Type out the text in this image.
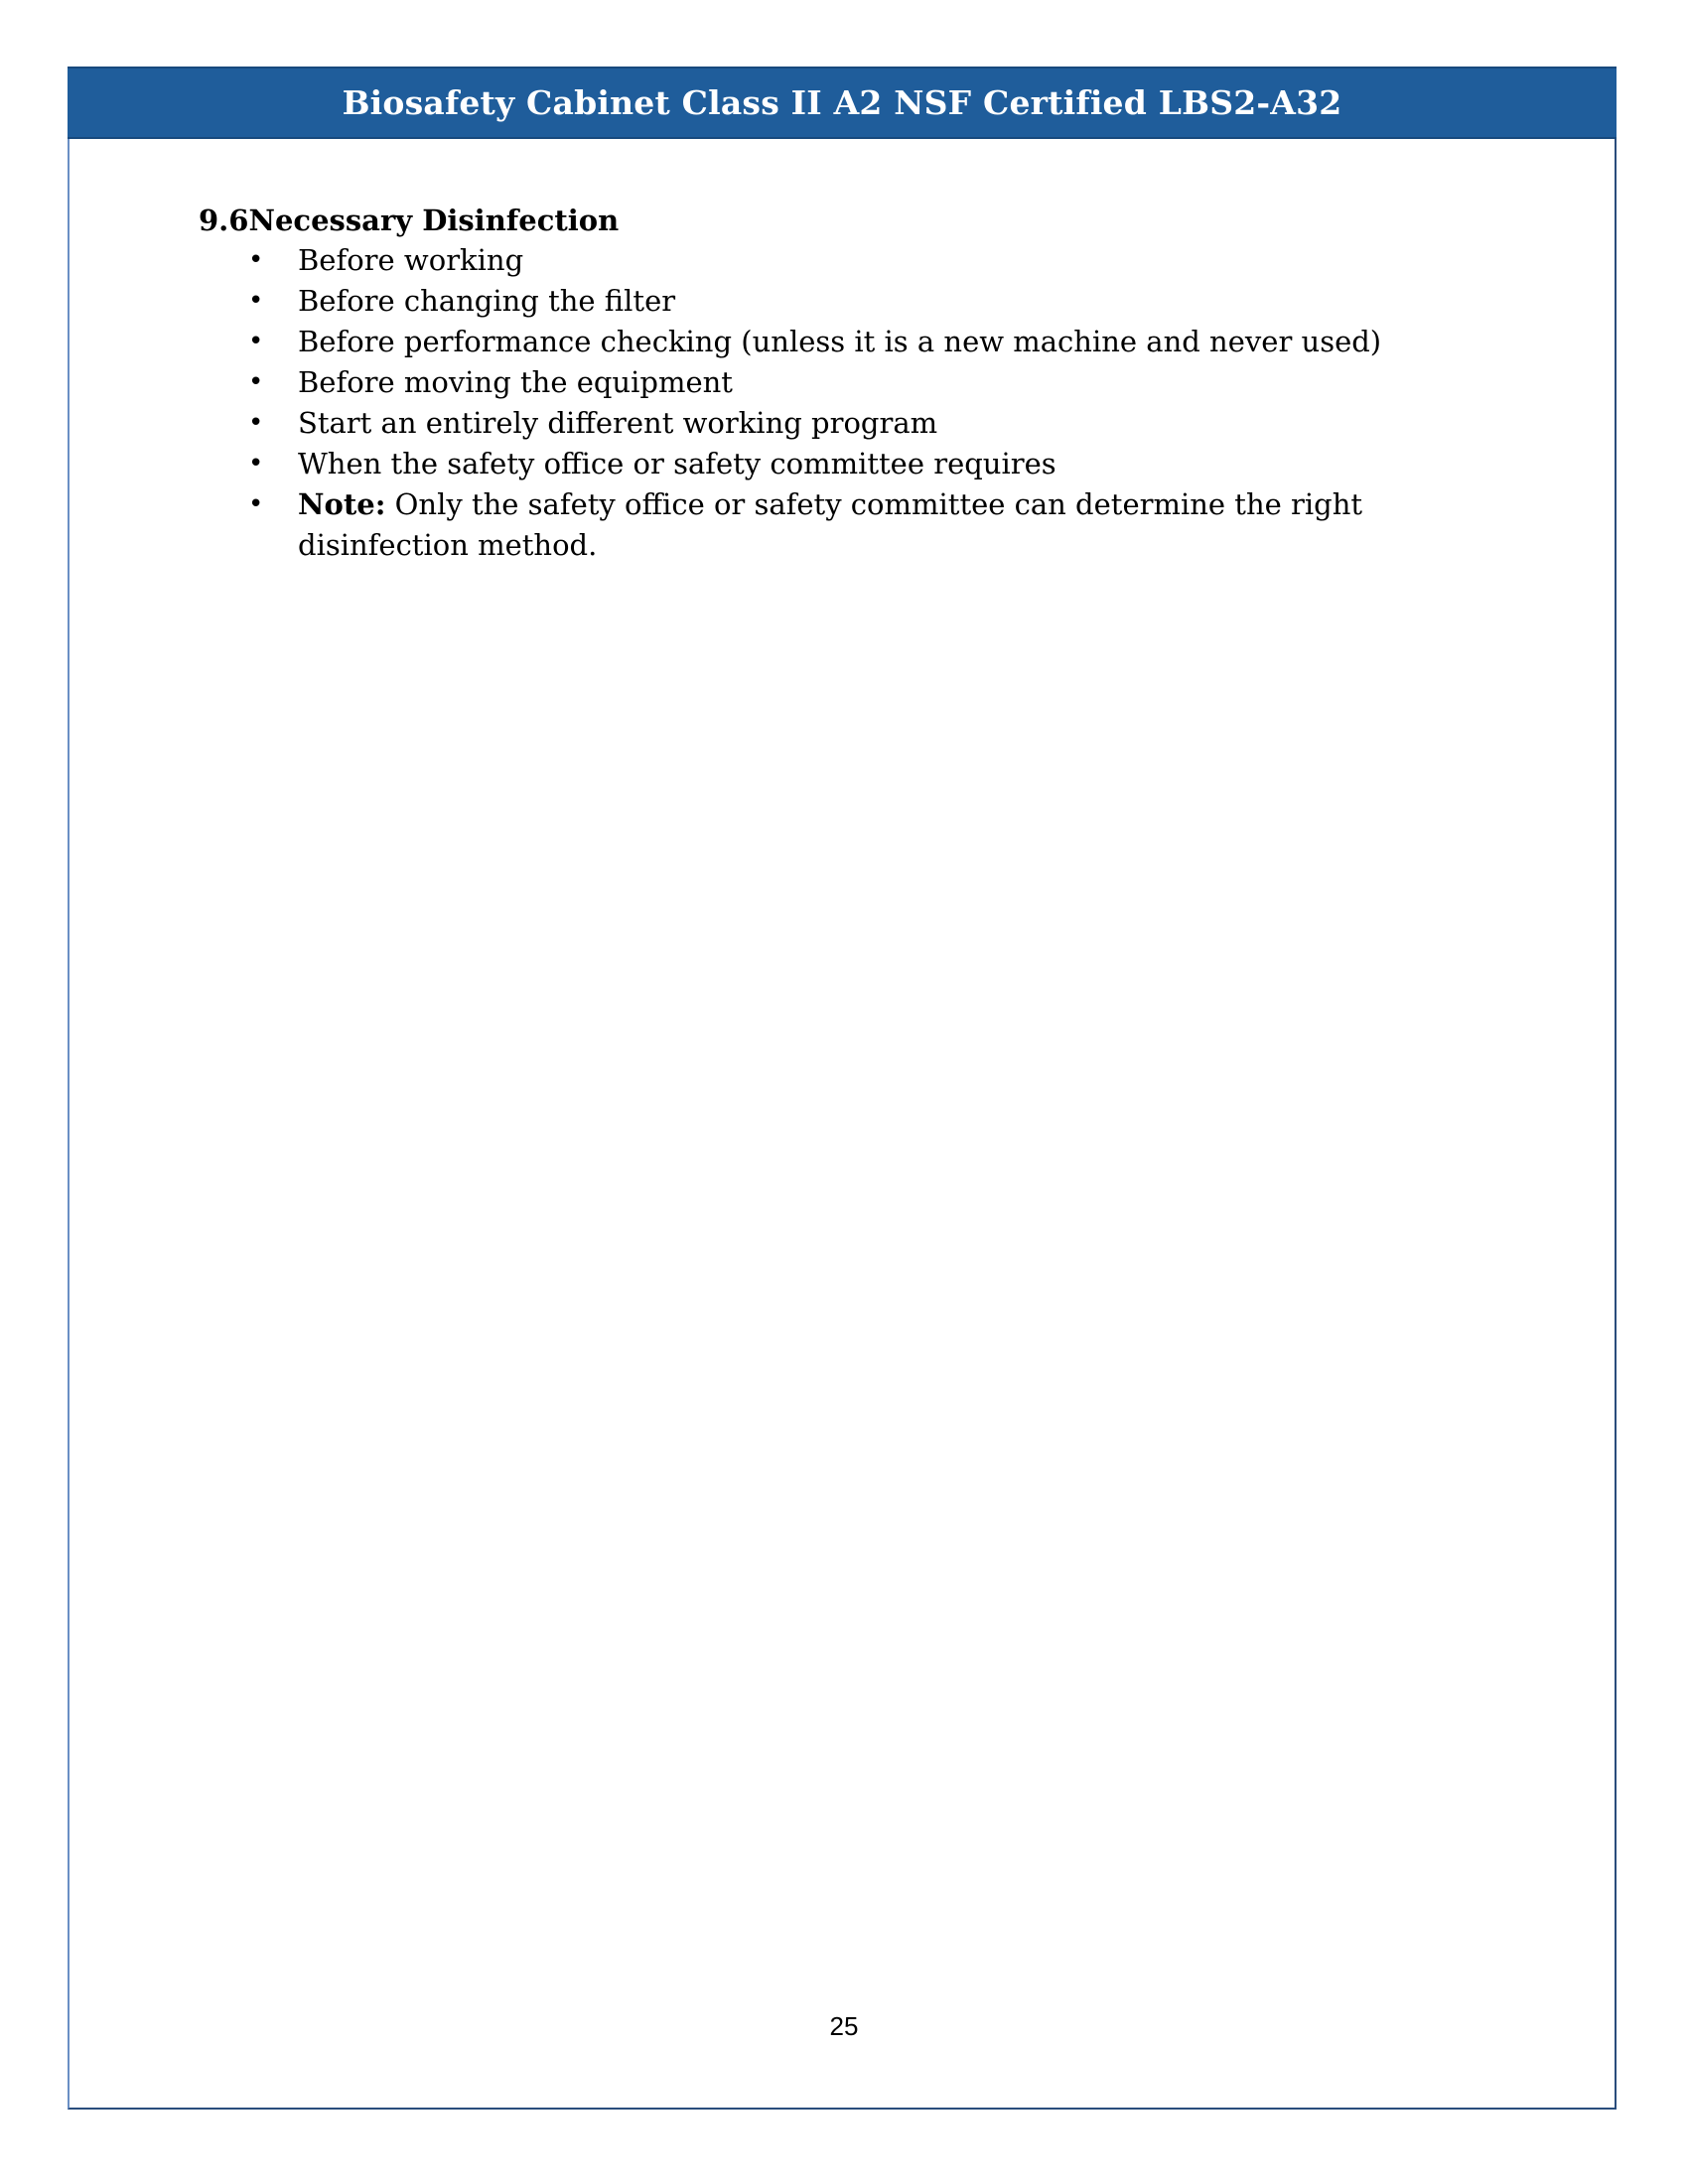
Biosafety Cabinet Class II A2 NSF Certified LBS2-A32
9.6 Necessary Disinfection
• Before working
• Before changing the filter
• Before performance checking (unless it is a new machine and never used)
• Before moving the equipment
• Start an entirely different working program
• When the safety office or safety committee requires
• Note: Only the safety office or safety committee can determine the right disinfection method.
25
